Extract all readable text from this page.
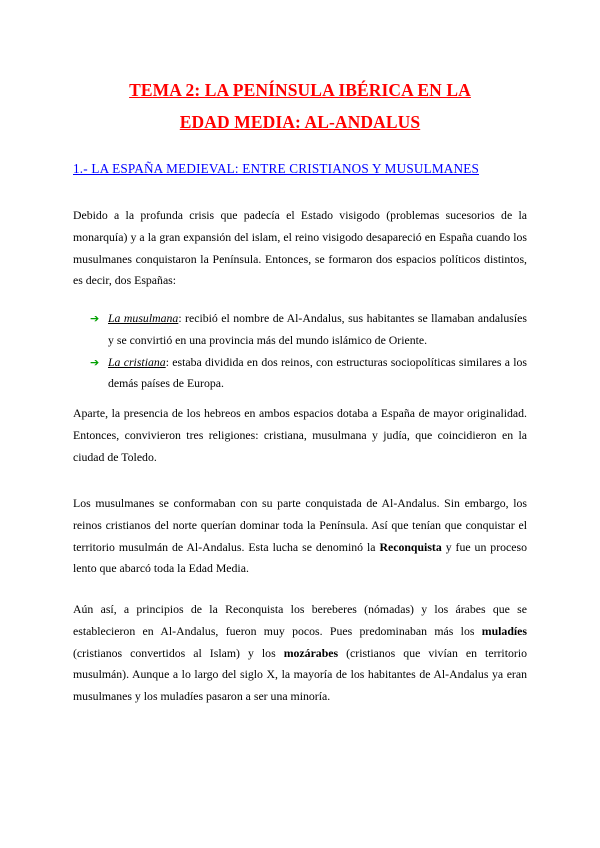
TEMA 2: LA PENÍNSULA IBÉRICA EN LA
EDAD MEDIA: AL-ANDALUS
1.- LA ESPAÑA MEDIEVAL: ENTRE CRISTIANOS Y MUSULMANES
Debido a la profunda crisis que padecía el Estado visigodo (problemas sucesorios de la monarquía) y a la gran expansión del islam, el reino visigodo desapareció en España cuando los musulmanes conquistaron la Península. Entonces, se formaron dos espacios políticos distintos, es decir, dos Españas:
➔ La musulmana: recibió el nombre de Al-Andalus, sus habitantes se llamaban andalusíes y se convirtió en una provincia más del mundo islámico de Oriente.
➔ La cristiana: estaba dividida en dos reinos, con estructuras sociopolíticas similares a los demás países de Europa.
Aparte, la presencia de los hebreos en ambos espacios dotaba a España de mayor originalidad. Entonces, convivieron tres religiones: cristiana, musulmana y judía, que coincidieron en la ciudad de Toledo.
Los musulmanes se conformaban con su parte conquistada de Al-Andalus. Sin embargo, los reinos cristianos del norte querían dominar toda la Península. Así que tenían que conquistar el territorio musulmán de Al-Andalus. Esta lucha se denominó la Reconquista y fue un proceso lento que abarcó toda la Edad Media.
Aún así, a principios de la Reconquista los bereberes (nómadas) y los árabes que se establecieron en Al-Andalus, fueron muy pocos. Pues predominaban más los muladíes (cristianos convertidos al Islam) y los mozárabes (cristianos que vivían en territorio musulmán). Aunque a lo largo del siglo X, la mayoría de los habitantes de Al-Andalus ya eran musulmanes y los muladíes pasaron a ser una minoría.
